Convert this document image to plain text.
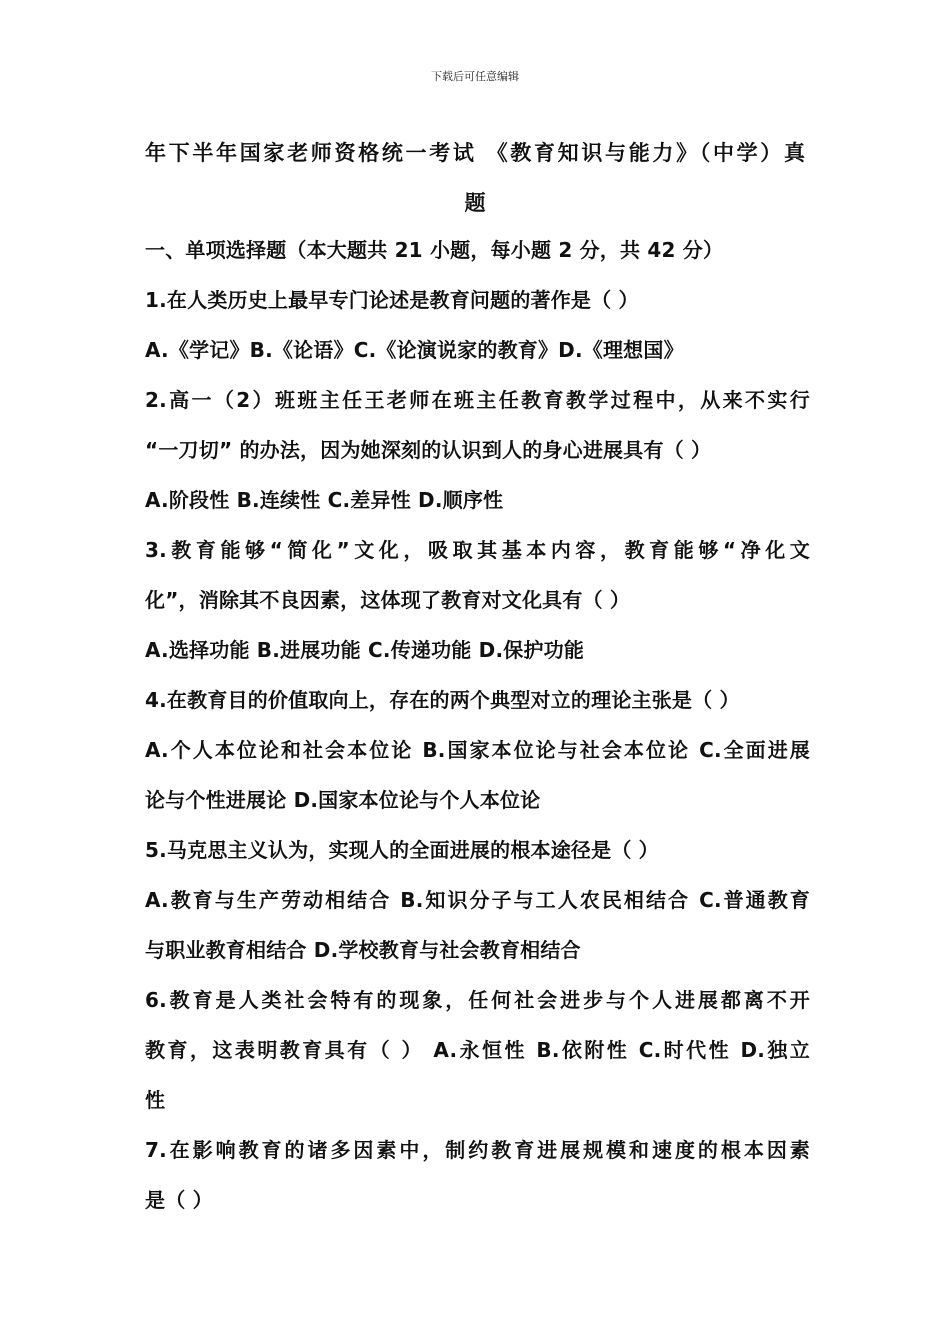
下载后可任意编辑
年下半年国家老师资格统一考试 《教育知识与能力》（中学）真
题
一、单项选择题（本大题共 21 小题，每小题 2 分，共 42 分）
1.在人类历史上最早专门论述是教育问题的著作是（ ）
A.《学记》B.《论语》C.《论演说家的教育》D.《理想国》
2.高一（2）班班主任王老师在班主任教育教学过程中，从来不实行
“一刀切” 的办法，因为她深刻的认识到人的身心进展具有（ ）
A.阶段性 B.连续性 C.差异性 D.顺序性
3.教育能够“简化”文化，吸取其基本内容，教育能够“净化文
化”，消除其不良因素，这体现了教育对文化具有（ ）
A.选择功能 B.进展功能 C.传递功能 D.保护功能
4.在教育目的价值取向上，存在的两个典型对立的理论主张是（ ）
A.个人本位论和社会本位论 B.国家本位论与社会本位论 C.全面进展
论与个性进展论 D.国家本位论与个人本位论
5.马克思主义认为，实现人的全面进展的根本途径是（ ）
A.教育与生产劳动相结合 B.知识分子与工人农民相结合 C.普通教育
与职业教育相结合 D.学校教育与社会教育相结合
6.教育是人类社会特有的现象，任何社会进步与个人进展都离不开
教育，这表明教育具有（ ） A.永恒性 B.依附性 C.时代性 D.独立
性
7.在影响教育的诸多因素中，制约教育进展规模和速度的根本因素
是（ ）
